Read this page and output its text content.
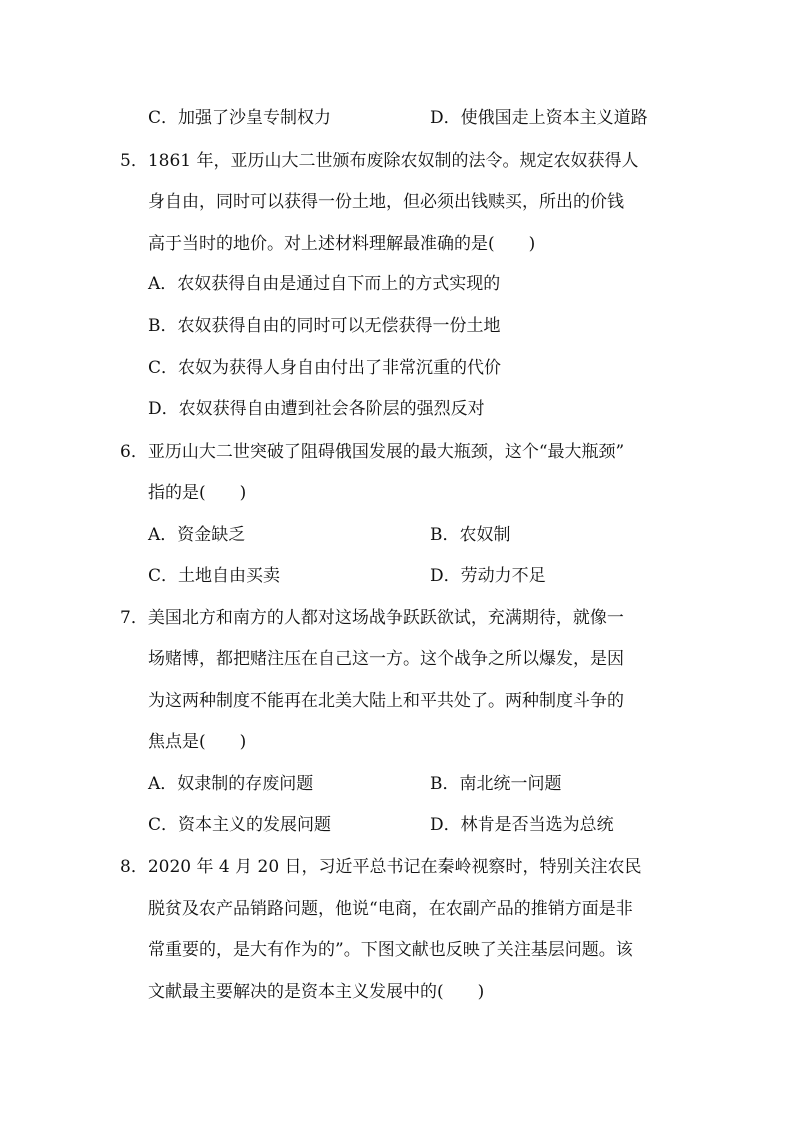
C．加强了沙皇专制权力	D．使俄国走上资本主义道路
5．1861 年，亚历山大二世颁布废除农奴制的法令。规定农奴获得人
身自由，同时可以获得一份土地，但必须出钱赎买，所出的价钱
高于当时的地价。对上述材料理解最准确的是(　　)
A．农奴获得自由是通过自下而上的方式实现的
B．农奴获得自由的同时可以无偿获得一份土地
C．农奴为获得人身自由付出了非常沉重的代价
D．农奴获得自由遭到社会各阶层的强烈反对
6．亚历山大二世突破了阻碍俄国发展的最大瓶颈，这个“最大瓶颈”
指的是(　　)
A．资金缺乏	B．农奴制
C．土地自由买卖	D．劳动力不足
7．美国北方和南方的人都对这场战争跃跃欲试，充满期待，就像一
场赌博，都把赌注压在自己这一方。这个战争之所以爆发，是因
为这两种制度不能再在北美大陆上和平共处了。两种制度斗争的
焦点是(　　)
A．奴隶制的存废问题	B．南北统一问题
C．资本主义的发展问题	D．林肯是否当选为总统
8．2020 年 4 月 20 日，习近平总书记在秦岭视察时，特别关注农民
脱贫及农产品销路问题，他说“电商，在农副产品的推销方面是非
常重要的，是大有作为的”。下图文献也反映了关注基层问题。该
文献最主要解决的是资本主义发展中的(　　)
